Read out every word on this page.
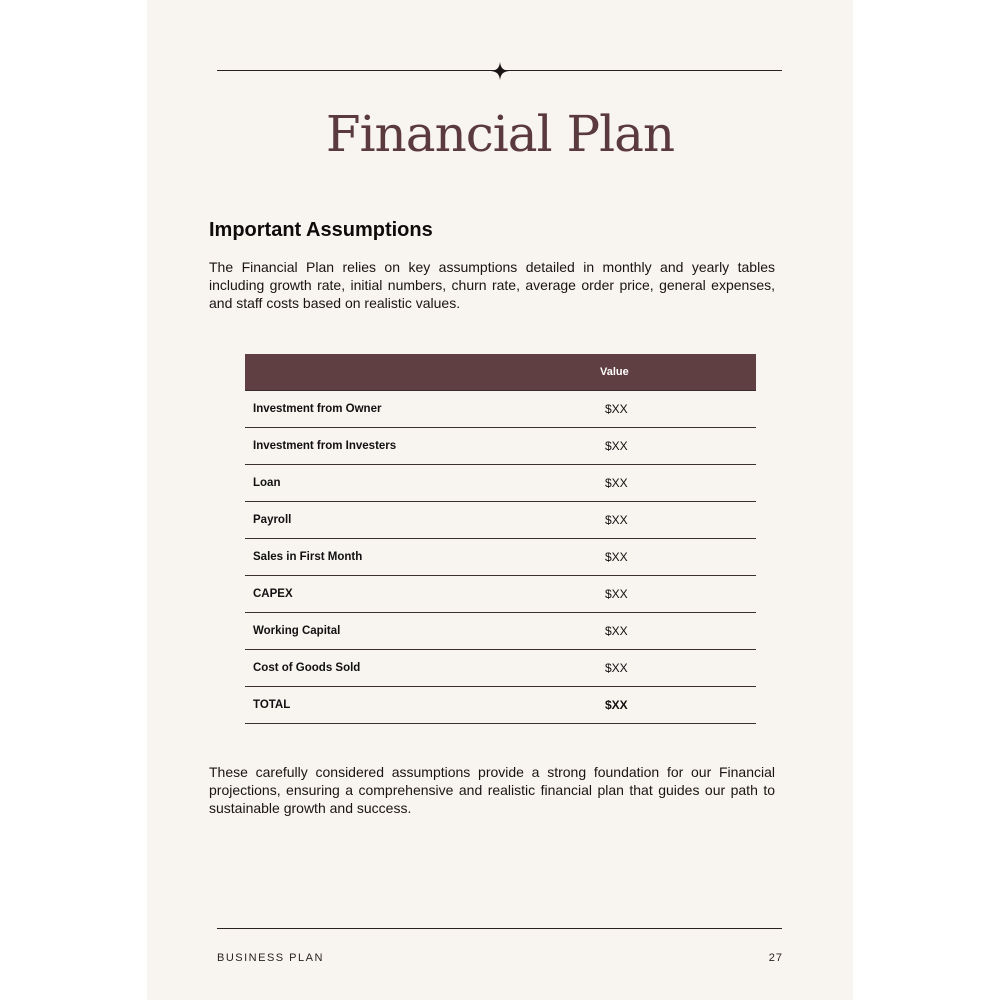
Financial Plan
Important Assumptions
The Financial Plan relies on key assumptions detailed in monthly and yearly tables including growth rate, initial numbers, churn rate, average order price, general expenses, and staff costs based on realistic values.
Value
Investment from Owner	$XX
Investment from Investers	$XX
Loan	$XX
Payroll	$XX
Sales in First Month	$XX
CAPEX	$XX
Working Capital	$XX
Cost of Goods Sold	$XX
TOTAL	$XX
These carefully considered assumptions provide a strong foundation for our Financial projections, ensuring a comprehensive and realistic financial plan that guides our path to sustainable growth and success.
BUSINESS PLAN	27
